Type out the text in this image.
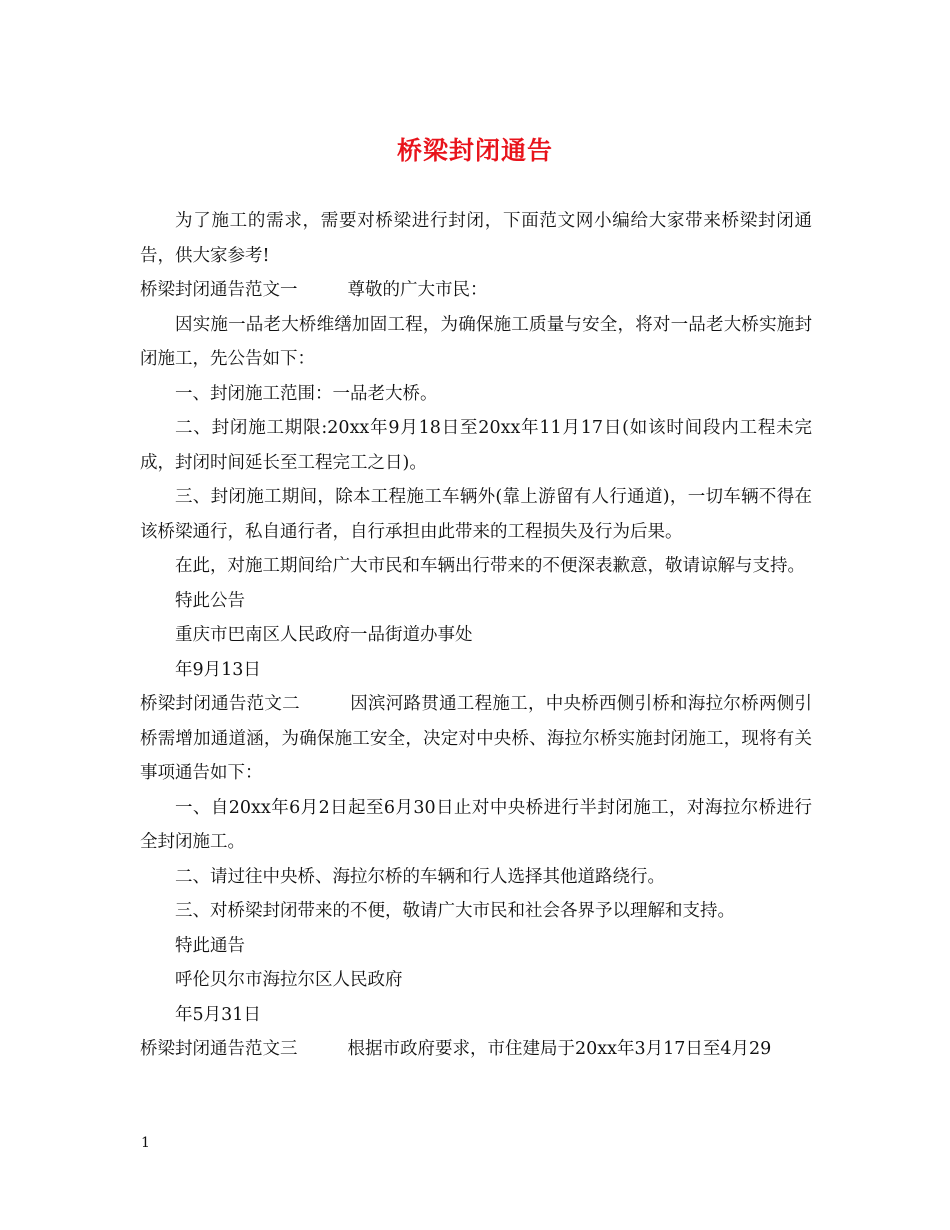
桥梁封闭通告

为了施工的需求，需要对桥梁进行封闭，下面范文网小编给大家带来桥梁封闭通告，供大家参考!

桥梁封闭通告范文一	尊敬的广大市民：

因实施一品老大桥维缮加固工程，为确保施工质量与安全，将对一品老大桥实施封闭施工，先公告如下：

一、封闭施工范围：一品老大桥。

二、封闭施工期限:20xx年9月18日至20xx年11月17日(如该时间段内工程未完成，封闭时间延长至工程完工之日)。

三、封闭施工期间，除本工程施工车辆外(靠上游留有人行通道)，一切车辆不得在该桥梁通行，私自通行者，自行承担由此带来的工程损失及行为后果。

在此，对施工期间给广大市民和车辆出行带来的不便深表歉意，敬请谅解与支持。

特此公告

重庆市巴南区人民政府一品街道办事处

年9月13日

桥梁封闭通告范文二	因滨河路贯通工程施工，中央桥西侧引桥和海拉尔桥两侧引桥需增加通道涵，为确保施工安全，决定对中央桥、海拉尔桥实施封闭施工，现将有关事项通告如下：

一、自20xx年6月2日起至6月30日止对中央桥进行半封闭施工，对海拉尔桥进行全封闭施工。

二、请过往中央桥、海拉尔桥的车辆和行人选择其他道路绕行。

三、对桥梁封闭带来的不便，敬请广大市民和社会各界予以理解和支持。

特此通告

呼伦贝尔市海拉尔区人民政府

年5月31日

桥梁封闭通告范文三	根据市政府要求，市住建局于20xx年3月17日至4月29

1
